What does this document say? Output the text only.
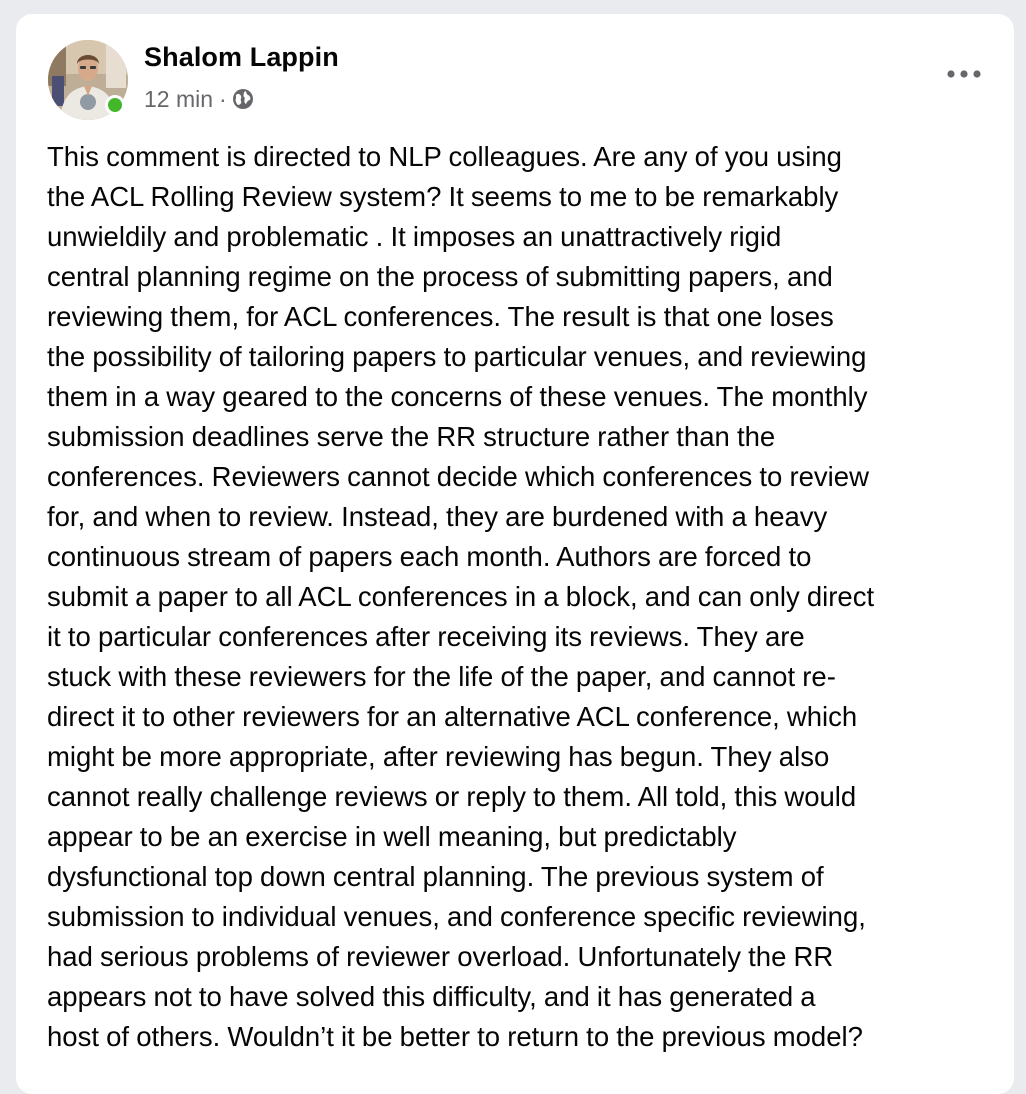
Shalom Lappin
12 min ·
This comment is directed to NLP colleagues. Are any of you using
the ACL Rolling Review system? It seems to me to be remarkably
unwieldily and problematic . It imposes an unattractively rigid
central planning regime on the process of submitting papers, and
reviewing them, for ACL conferences. The result is that one loses
the possibility of tailoring papers to particular venues, and reviewing
them in a way geared to the concerns of these venues. The monthly
submission deadlines serve the RR structure rather than the
conferences. Reviewers cannot decide which conferences to review
for, and when to review. Instead, they are burdened with a heavy
continuous stream of papers each month. Authors are forced to
submit a paper to all ACL conferences in a block, and can only direct
it to particular conferences after receiving its reviews. They are
stuck with these reviewers for the life of the paper, and cannot re-
direct it to other reviewers for an alternative ACL conference, which
might be more appropriate, after reviewing has begun. They also
cannot really challenge reviews or reply to them. All told, this would
appear to be an exercise in well meaning, but predictably
dysfunctional top down central planning. The previous system of
submission to individual venues, and conference specific reviewing,
had serious problems of reviewer overload. Unfortunately the RR
appears not to have solved this difficulty, and it has generated a
host of others. Wouldn’t it be better to return to the previous model?
